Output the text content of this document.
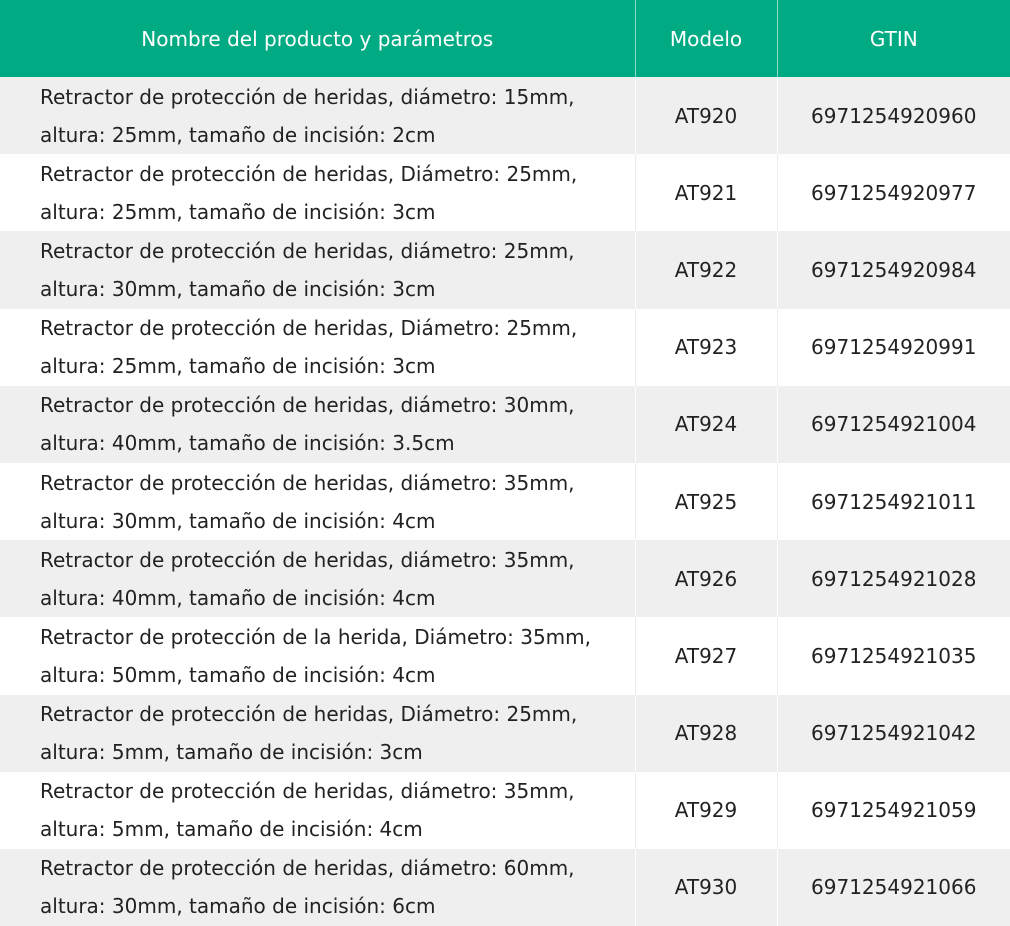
Nombre del producto y parámetros	Modelo	GTIN

Retractor de protección de heridas, diámetro: 15mm,
altura: 25mm, tamaño de incisión: 2cm	AT920	6971254920960

Retractor de protección de heridas, Diámetro: 25mm,
altura: 25mm, tamaño de incisión: 3cm	AT921	6971254920977

Retractor de protección de heridas, diámetro: 25mm,
altura: 30mm, tamaño de incisión: 3cm	AT922	6971254920984

Retractor de protección de heridas, Diámetro: 25mm,
altura: 25mm, tamaño de incisión: 3cm	AT923	6971254920991

Retractor de protección de heridas, diámetro: 30mm,
altura: 40mm, tamaño de incisión: 3.5cm	AT924	6971254921004

Retractor de protección de heridas, diámetro: 35mm,
altura: 30mm, tamaño de incisión: 4cm	AT925	6971254921011

Retractor de protección de heridas, diámetro: 35mm,
altura: 40mm, tamaño de incisión: 4cm	AT926	6971254921028

Retractor de protección de la herida, Diámetro: 35mm,
altura: 50mm, tamaño de incisión: 4cm	AT927	6971254921035

Retractor de protección de heridas, Diámetro: 25mm,
altura: 5mm, tamaño de incisión: 3cm	AT928	6971254921042

Retractor de protección de heridas, diámetro: 35mm,
altura: 5mm, tamaño de incisión: 4cm	AT929	6971254921059

Retractor de protección de heridas, diámetro: 60mm,
altura: 30mm, tamaño de incisión: 6cm	AT930	6971254921066
